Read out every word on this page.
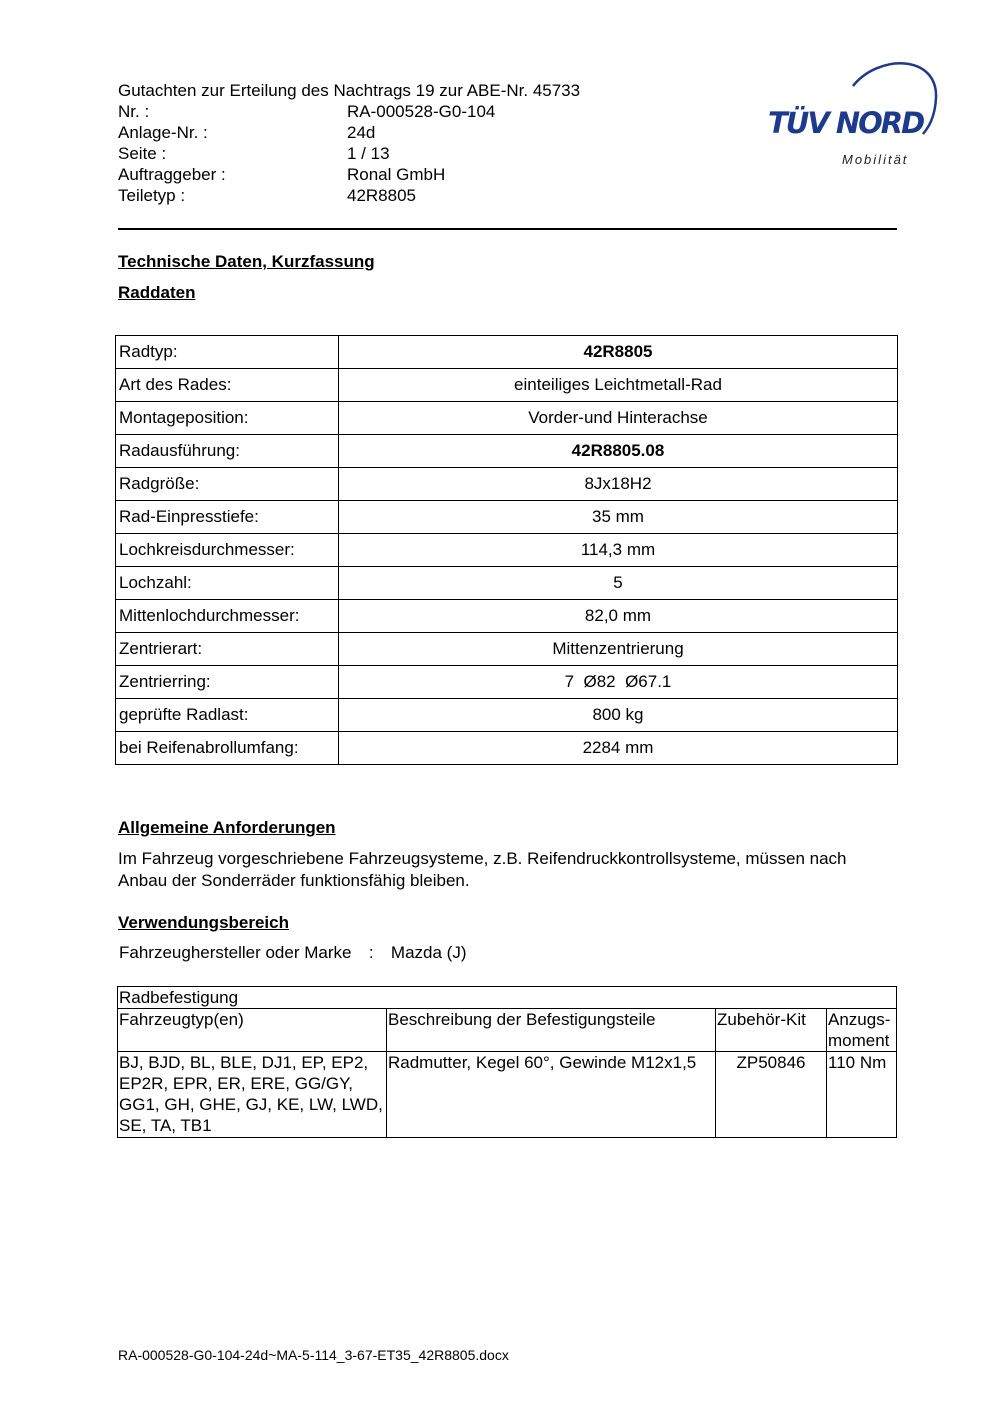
Gutachten zur Erteilung des Nachtrags 19 zur ABE-Nr. 45733
Nr. :	RA-000528-G0-104
Anlage-Nr. :	24d
Seite :	1 / 13
Auftraggeber :	Ronal GmbH
Teiletyp :	42R8805
TÜV NORD
Mobilität
Technische Daten, Kurzfassung
Raddaten
Radtyp:	42R8805
Art des Rades:	einteiliges Leichtmetall-Rad
Montageposition:	Vorder-und Hinterachse
Radausführung:	42R8805.08
Radgröße:	8Jx18H2
Rad-Einpresstiefe:	35 mm
Lochkreisdurchmesser:	114,3 mm
Lochzahl:	5
Mittenlochdurchmesser:	82,0 mm
Zentrierart:	Mittenzentrierung
Zentrierring:	7  Ø82  Ø67.1
geprüfte Radlast:	800 kg
bei Reifenabrollumfang:	2284 mm
Allgemeine Anforderungen
Im Fahrzeug vorgeschriebene Fahrzeugsysteme, z.B. Reifendruckkontrollsysteme, müssen nach Anbau der Sonderräder funktionsfähig bleiben.
Verwendungsbereich
Fahrzeughersteller oder Marke : Mazda (J)
Radbefestigung			
Fahrzeugtyp(en)	Beschreibung der Befestigungsteile	Zubehör-Kit	Anzugs-
moment
BJ, BJD, BL, BLE, DJ1, EP, EP2, EP2R, EPR, ER, ERE, GG/GY, GG1, GH, GHE, GJ, KE, LW, LWD, SE, TA, TB1	Radmutter, Kegel 60°, Gewinde M12x1,5	ZP50846	110 Nm
RA-000528-G0-104-24d~MA-5-114_3-67-ET35_42R8805.docx
